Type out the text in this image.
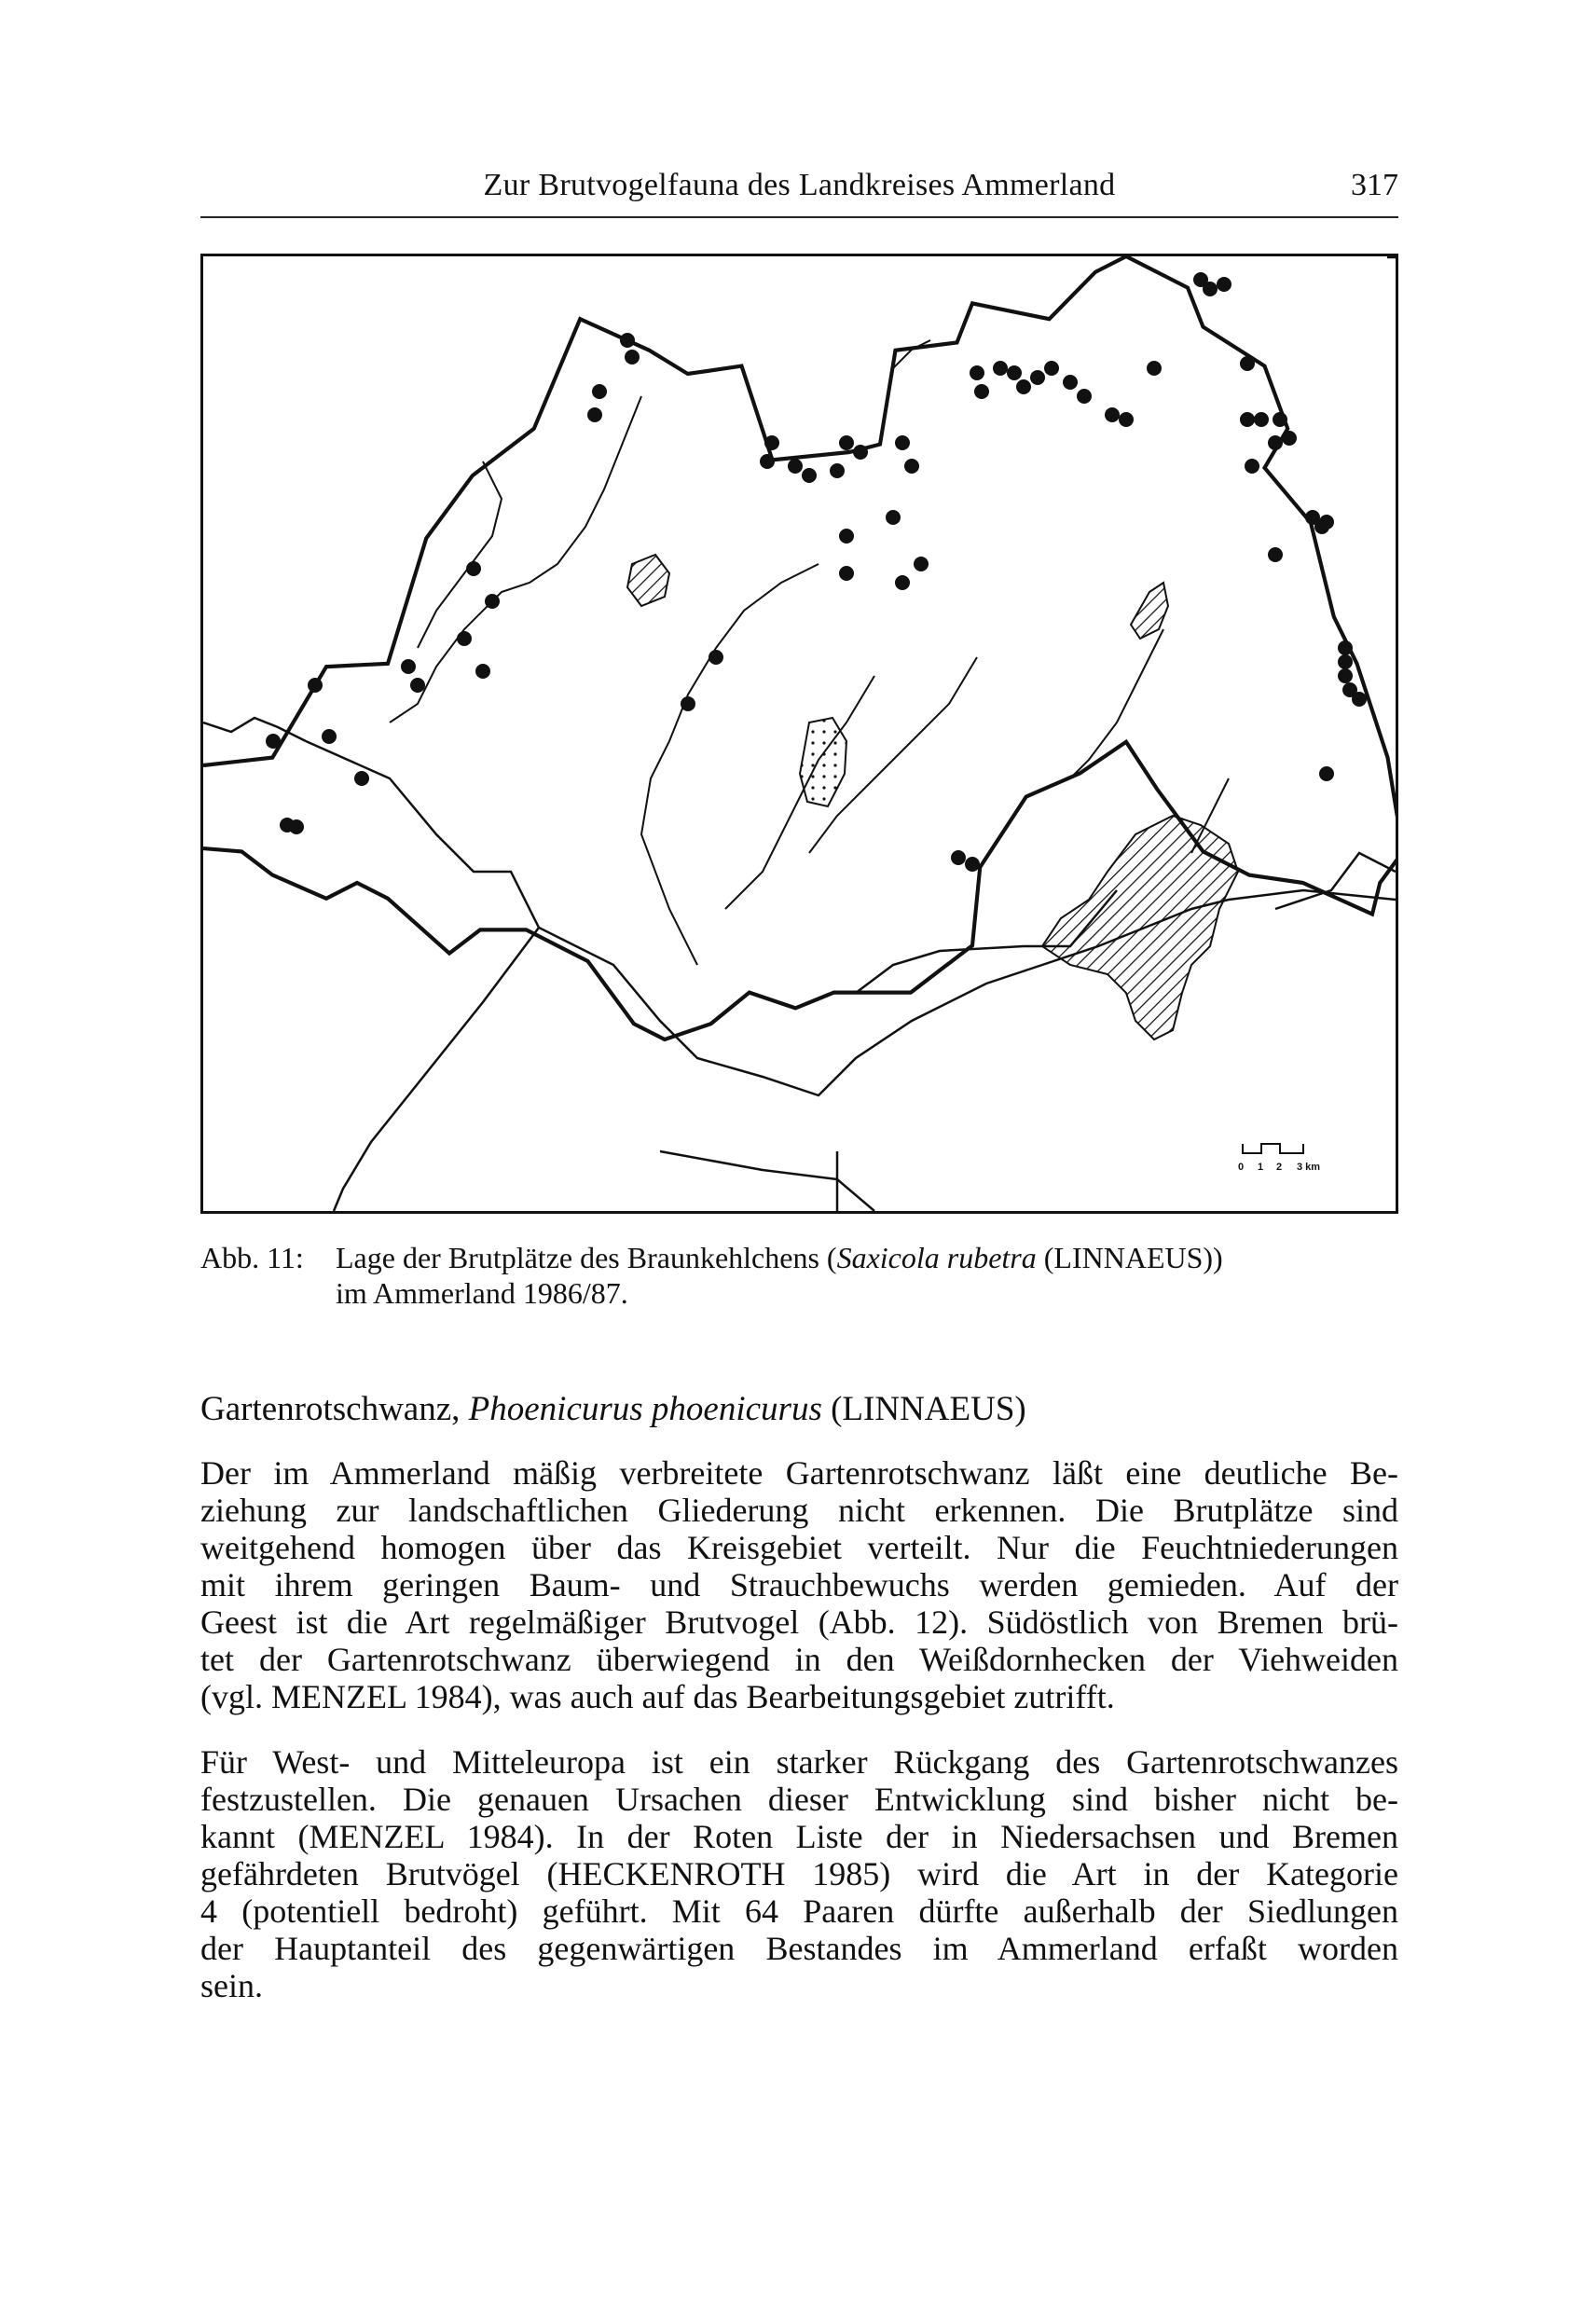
Zur Brutvogelfauna des Landkreises Ammerland	317
0 1 2 3 km
Abb. 11: Lage der Brutplätze des Braunkehlchens (Saxicola rubetra (LINNAEUS))
im Ammerland 1986/87.
Gartenrotschwanz, Phoenicurus phoenicurus (LINNAEUS)
Der im Ammerland mäßig verbreitete Gartenrotschwanz läßt eine deutliche Be-
ziehung zur landschaftlichen Gliederung nicht erkennen. Die Brutplätze sind
weitgehend homogen über das Kreisgebiet verteilt. Nur die Feuchtniederungen
mit ihrem geringen Baum- und Strauchbewuchs werden gemieden. Auf der
Geest ist die Art regelmäßiger Brutvogel (Abb. 12). Südöstlich von Bremen brü-
tet der Gartenrotschwanz überwiegend in den Weißdornhecken der Viehweiden
(vgl. MENZEL 1984), was auch auf das Bearbeitungsgebiet zutrifft.
Für West- und Mitteleuropa ist ein starker Rückgang des Gartenrotschwanzes
festzustellen. Die genauen Ursachen dieser Entwicklung sind bisher nicht be-
kannt (MENZEL 1984). In der Roten Liste der in Niedersachsen und Bremen
gefährdeten Brutvögel (HECKENROTH 1985) wird die Art in der Kategorie
4 (potentiell bedroht) geführt. Mit 64 Paaren dürfte außerhalb der Siedlungen
der Hauptanteil des gegenwärtigen Bestandes im Ammerland erfaßt worden
sein.
